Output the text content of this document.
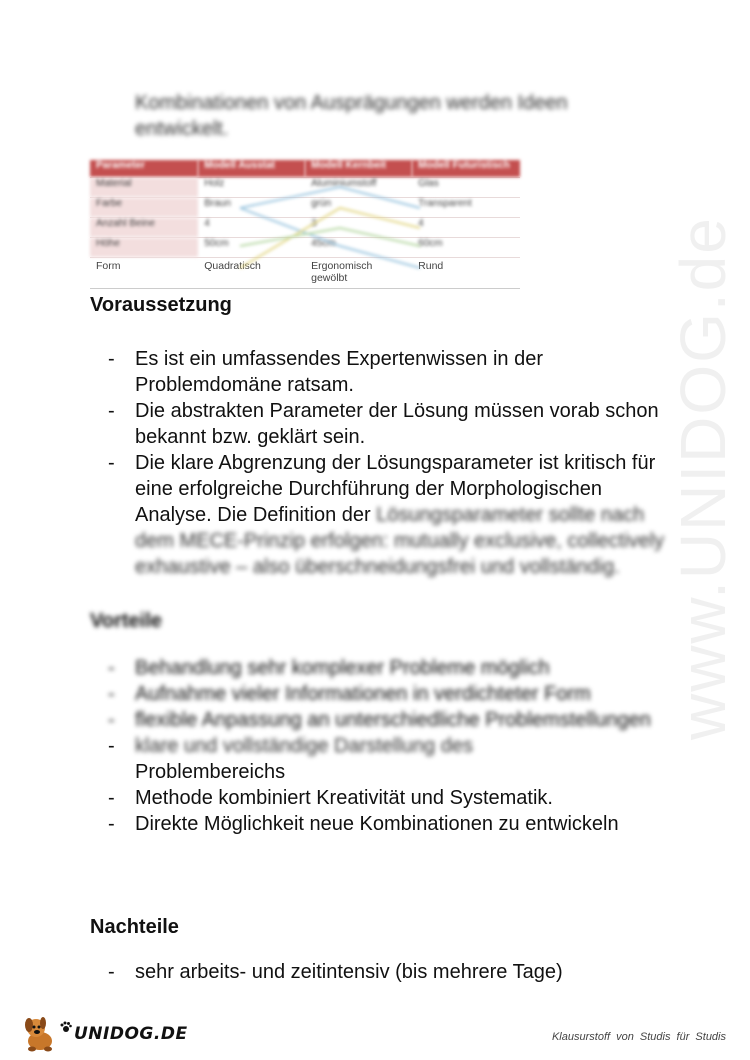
Kombinationen von Ausprägungen werden Ideen entwickelt.
Parameter	Modell Ausstat	Modell Kernbeit	Modell Futuristisch
Material	Holz	Aluminiumstoff	Glas
Farbe	Braun	grün	Transparent
Anzahl Beine	4	3	4
Höhe	50cm	45cm	60cm
Form	Quadratisch	Ergonomisch gewölbt	Rund
Voraussetzung
- Es ist ein umfassendes Expertenwissen in der Problemdomäne ratsam.
- Die abstrakten Parameter der Lösung müssen vorab schon bekannt bzw. geklärt sein.
- Die klare Abgrenzung der Lösungsparameter ist kritisch für eine erfolgreiche Durchführung der Morphologischen Analyse. Die Definition der Lösungsparameter sollte nach dem MECE-Prinzip erfolgen: mutually exclusive, collectively exhaustive – also überschneidungsfrei und vollständig.
Vorteile
- Behandlung sehr komplexer Probleme möglich
- Aufnahme vieler Informationen in verdichteter Form
- flexible Anpassung an unterschiedliche Problemstellungen
- klare und vollständige Darstellung des
Problembereichs
- Methode kombiniert Kreativität und Systematik.
- Direkte Möglichkeit neue Kombinationen zu entwickeln
Nachteile
- sehr arbeits- und zeitintensiv (bis mehrere Tage)
www.UNIDOG.de
UNIDOG.DE	Klausurstoff von Studis für Studis
